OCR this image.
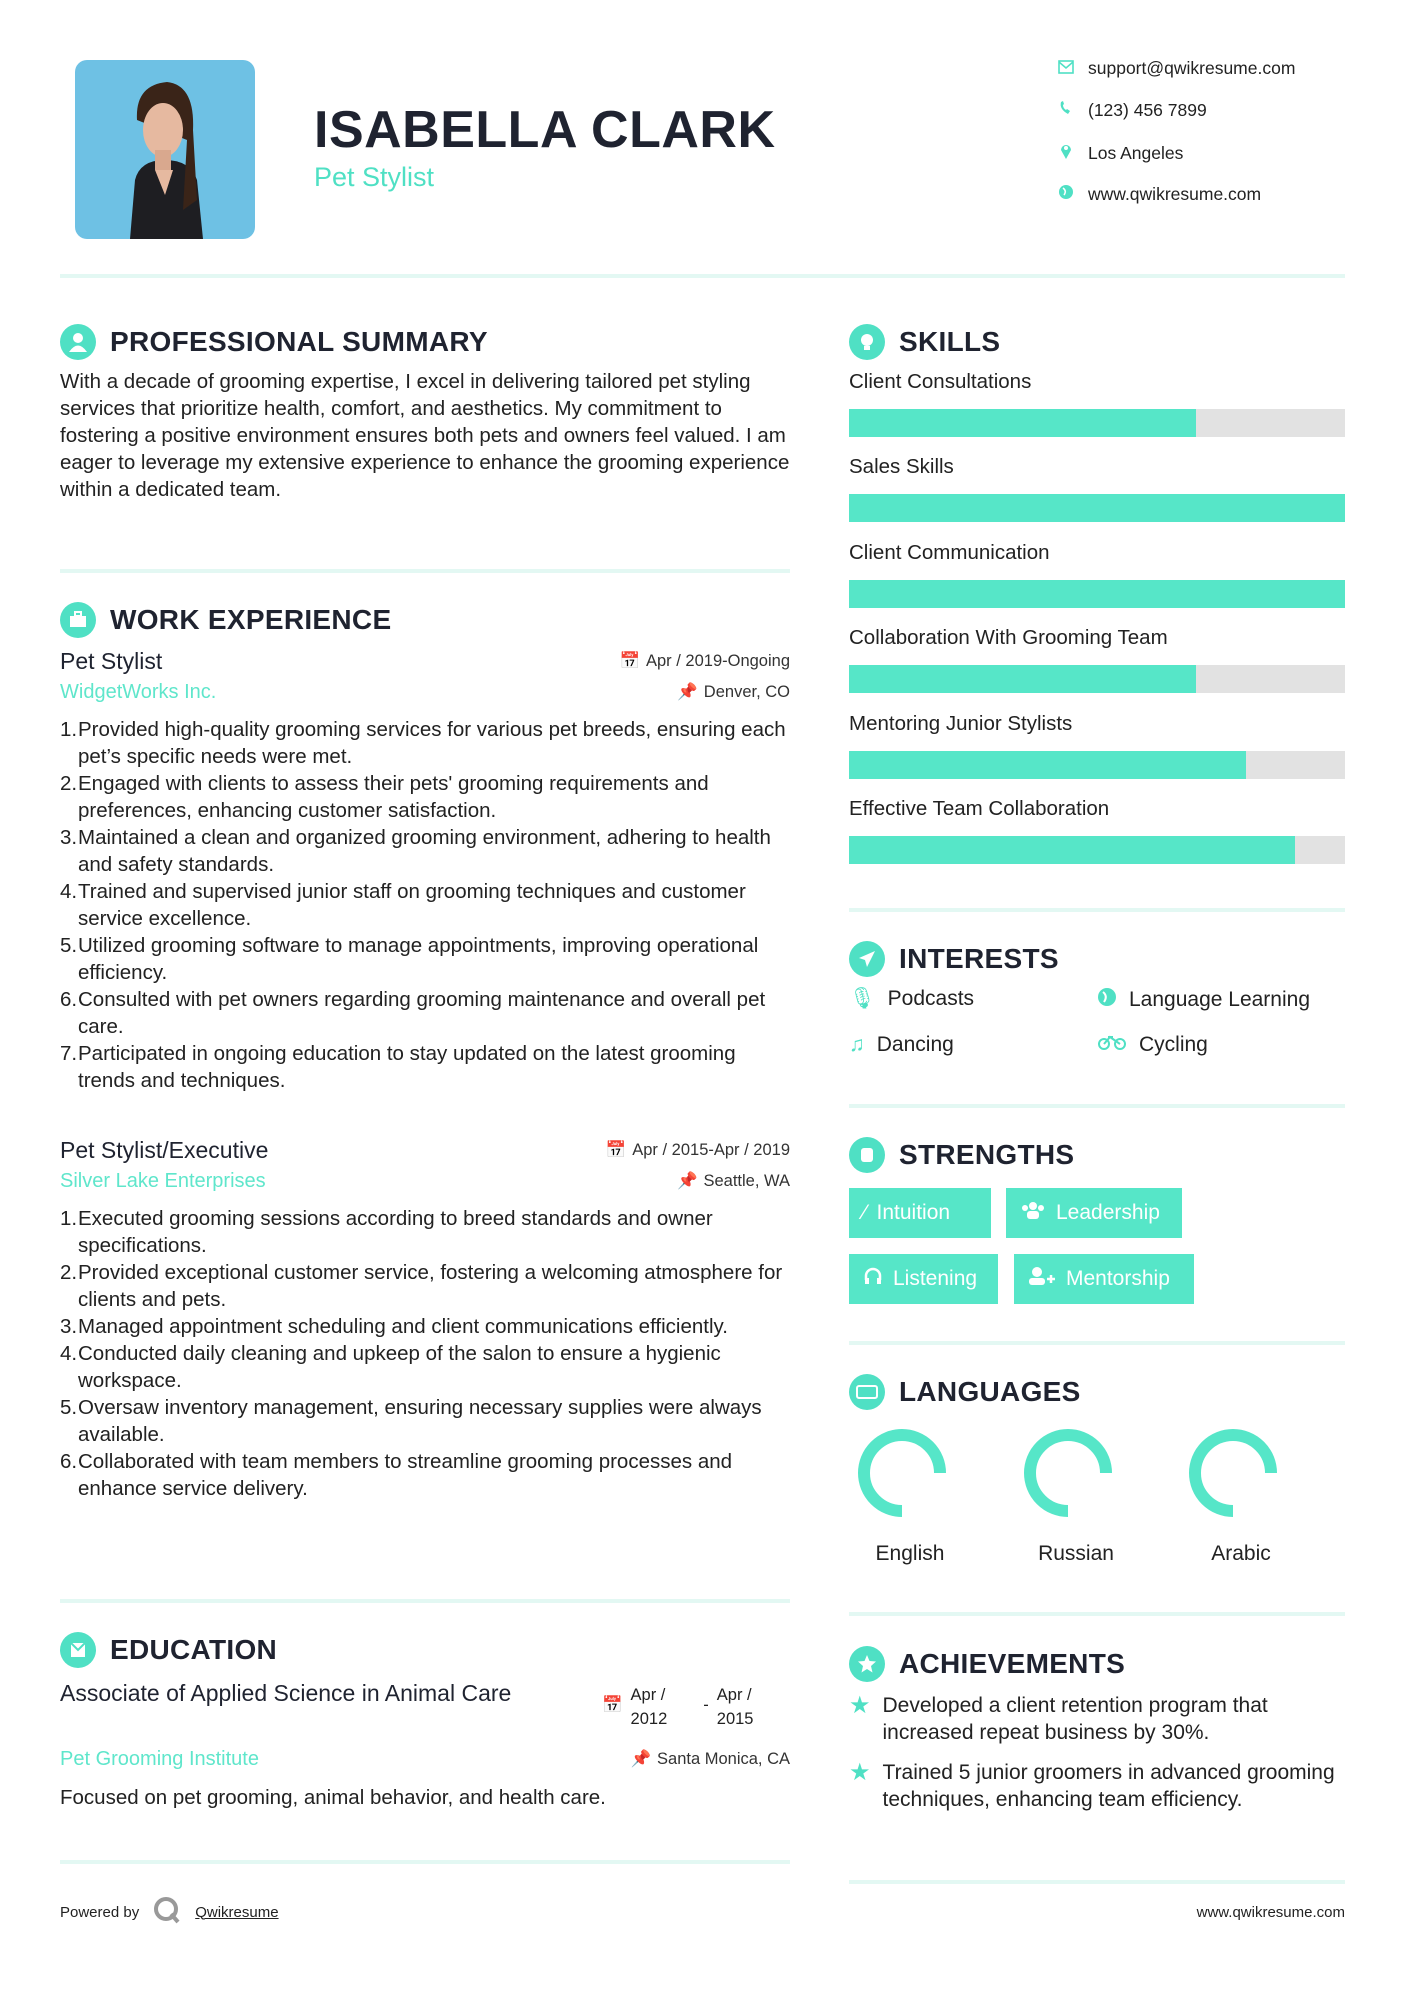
ISABELLA CLARK
Pet Stylist
support@qwikresume.com
(123) 456 7899
Los Angeles
www.qwikresume.com
PROFESSIONAL SUMMARY
With a decade of grooming expertise, I excel in delivering tailored pet styling services that prioritize health, comfort, and aesthetics. My commitment to fostering a positive environment ensures both pets and owners feel valued. I am eager to leverage my extensive experience to enhance the grooming experience within a dedicated team.
WORK EXPERIENCE
Pet Stylist	📅 Apr / 2019-Ongoing
WidgetWorks Inc.	📌 Denver, CO
1. Provided high-quality grooming services for various pet breeds, ensuring each pet’s specific needs were met.
2. Engaged with clients to assess their pets' grooming requirements and preferences, enhancing customer satisfaction.
3. Maintained a clean and organized grooming environment, adhering to health and safety standards.
4. Trained and supervised junior staff on grooming techniques and customer service excellence.
5. Utilized grooming software to manage appointments, improving operational efficiency.
6. Consulted with pet owners regarding grooming maintenance and overall pet care.
7. Participated in ongoing education to stay updated on the latest grooming trends and techniques.
Pet Stylist/Executive	📅 Apr / 2015-Apr / 2019
Silver Lake Enterprises	📌 Seattle, WA
1. Executed grooming sessions according to breed standards and owner specifications.
2. Provided exceptional customer service, fostering a welcoming atmosphere for clients and pets.
3. Managed appointment scheduling and client communications efficiently.
4. Conducted daily cleaning and upkeep of the salon to ensure a hygienic workspace.
5. Oversaw inventory management, ensuring necessary supplies were always available.
6. Collaborated with team members to streamline grooming processes and enhance service delivery.
EDUCATION
Associate of Applied Science in Animal Care	📅
Apr /
2012
-
Apr /
2015
Pet Grooming Institute	📌 Santa Monica, CA
Focused on pet grooming, animal behavior, and health care.
Powered by	Qwikresume	www.qwikresume.com
SKILLS
Client Consultations
Sales Skills
Client Communication
Collaboration With Grooming Team
Mentoring Junior Stylists
Effective Team Collaboration
INTERESTS
🎙 Podcasts	Language Learning
♫ Dancing	Cycling
STRENGTHS
⁄ Intuition	Leadership
Listening	Mentorship
LANGUAGES
English	Russian	Arabic
ACHIEVEMENTS
★ Developed a client retention program that increased repeat business by 30%.
★ Trained 5 junior groomers in advanced grooming techniques, enhancing team efficiency.
